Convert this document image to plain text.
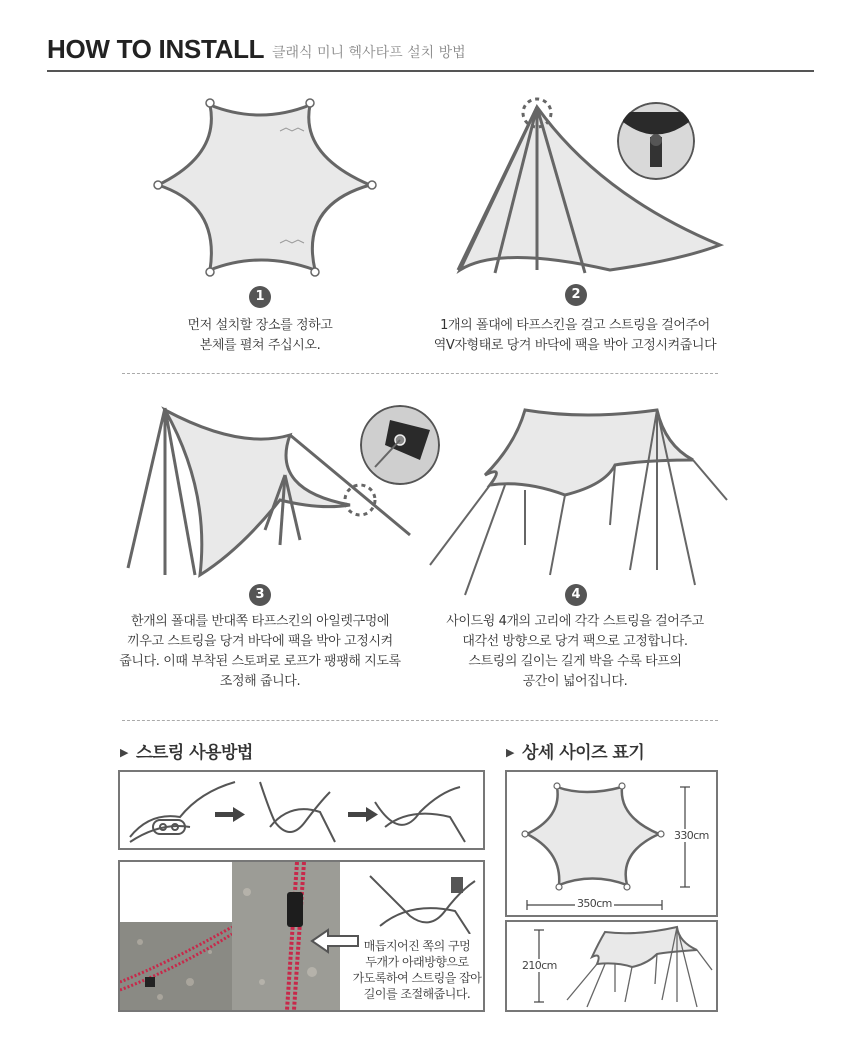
HOW TO INSTALL 클래식 미니 헥사타프 설치 방법
1	2
먼저 설치할 장소를 정하고
본체를 펼쳐 주십시오.
1개의 폴대에 타프스킨을 걸고 스트링을 걸어주어
역V자형태로 당겨 바닥에 팩을 박아 고정시켜줍니다
3	4
한개의 폴대를 반대쪽 타프스킨의 아일렛구멍에
끼우고 스트링을 당겨 바닥에 팩을 박아 고정시켜
줍니다. 이때 부착된 스토퍼로 로프가 팽팽해 지도록
조정해 줍니다.
사이드윙 4개의 고리에 각각 스트링을 걸어주고
대각선 방향으로 당겨 팩으로 고정합니다.
스트링의 길이는 길게 박을 수록 타프의
공간이 넓어집니다.
▶ 스트링 사용방법
매듭지어진 쪽의 구멍
두개가 아래방향으로
가도록하여 스트링을 잡아
길이를 조절해줍니다.
▶ 상세 사이즈 표기
330cm
350cm
210cm
